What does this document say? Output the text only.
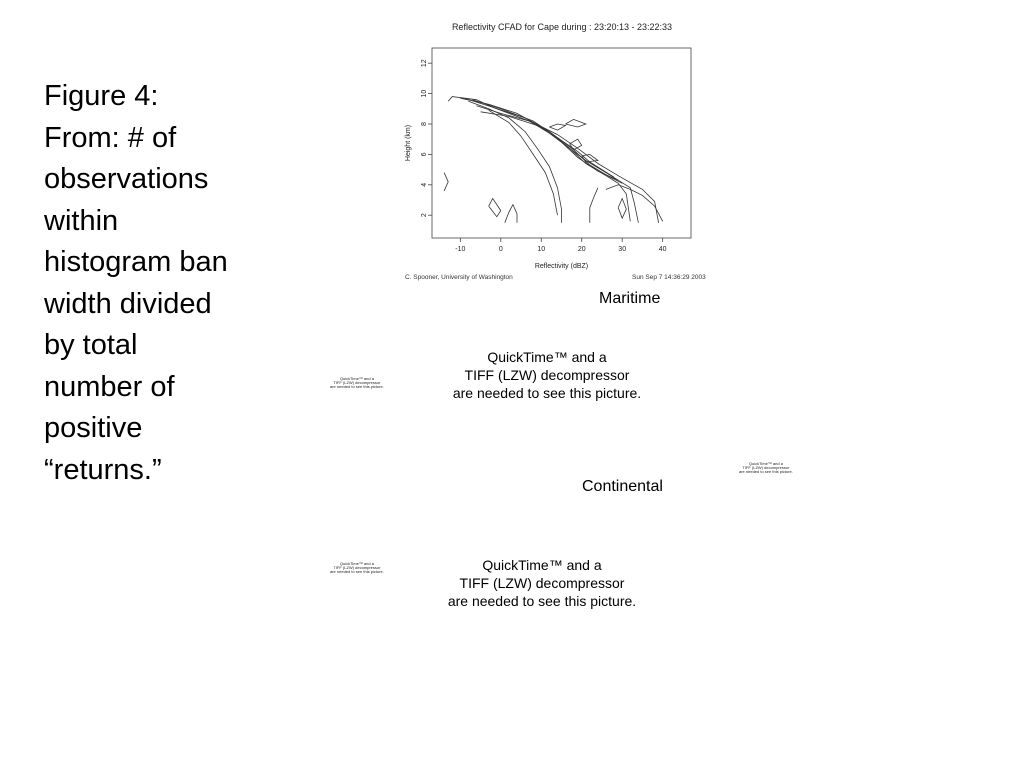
Figure 4:
From: # of
observations
within
histogram ban
width divided
by total
number of
positive
“returns.”
Reflectivity CFAD for Cape during : 23:20:13 - 23:22:33
-10	0	10	20	30	40
2
4
6
8
10
12
Reflectivity (dBZ)
Height (km)
C. Spooner, University of Washington	Sun Sep 7 14:36:29 2003
Maritime
QuickTime™ and a
TIFF (LZW) decompressor
are needed to see this picture.
QuickTime™ and a
TIFF (LZW) decompressor
are needed to see this picture.
QuickTime™ and a
TIFF (LZW) decompressor
are needed to see this picture.
Continental
QuickTime™ and a
TIFF (LZW) decompressor
are needed to see this picture.	QuickTime™ and a
TIFF (LZW) decompressor
are needed to see this picture.
